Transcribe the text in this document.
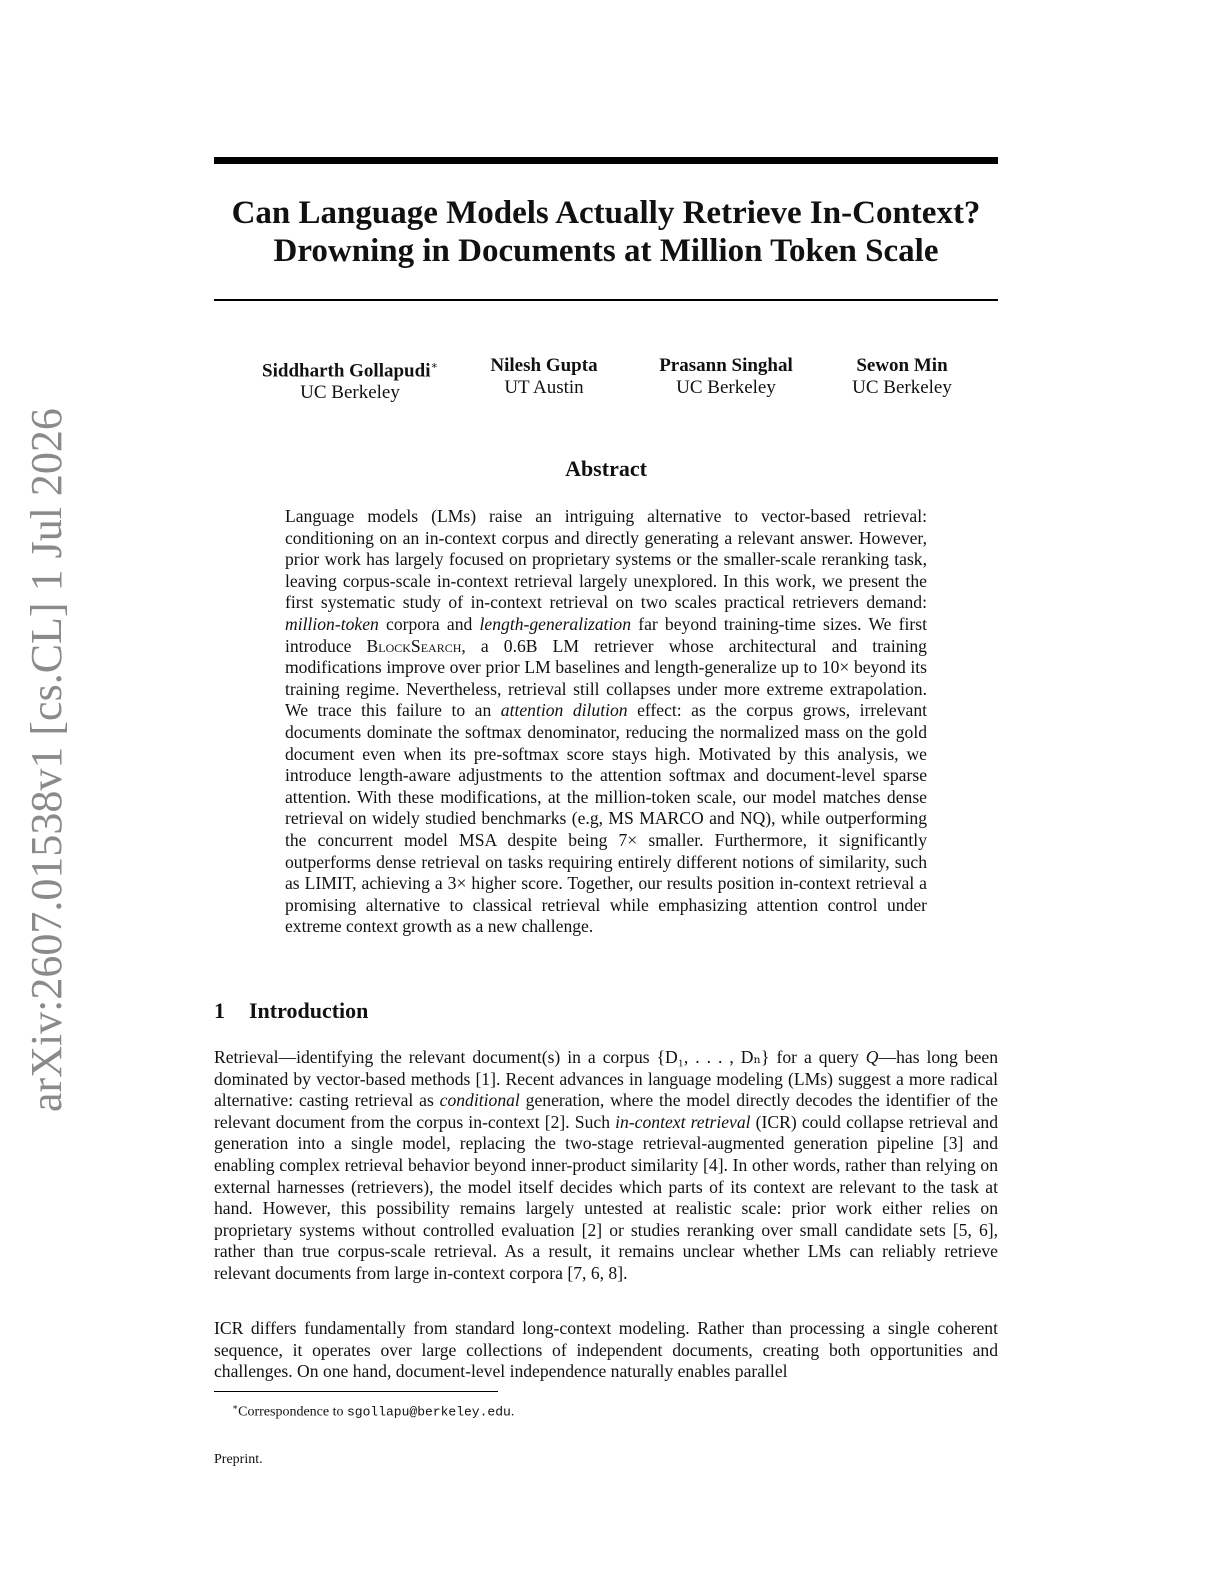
arXiv:2607.01538v1 [cs.CL] 1 Jul 2026
Can Language Models Actually Retrieve In-Context?
Drowning in Documents at Million Token Scale
Siddharth Gollapudi∗
UC Berkeley
Nilesh Gupta
UT Austin
Prasann Singhal
UC Berkeley
Sewon Min
UC Berkeley
Abstract

Language models (LMs) raise an intriguing alternative to vector-based retrieval: conditioning on an in-context corpus and directly generating a relevant answer. However, prior work has largely focused on proprietary systems or the smaller-scale reranking task, leaving corpus-scale in-context retrieval largely unexplored. In this work, we present the first systematic study of in-context retrieval on two scales practical retrievers demand: million-token corpora and length-generalization far beyond training-time sizes. We first introduce BlockSearch, a 0.6B LM retriever whose architectural and training modifications improve over prior LM baselines and length-generalize up to 10× beyond its training regime. Nevertheless, retrieval still collapses under more extreme extrapolation. We trace this failure to an attention dilution effect: as the corpus grows, irrelevant documents dominate the softmax denominator, reducing the normalized mass on the gold document even when its pre-softmax score stays high. Motivated by this analysis, we introduce length-aware adjustments to the attention softmax and document-level sparse attention. With these modifications, at the million-token scale, our model matches dense retrieval on widely studied benchmarks (e.g, MS MARCO and NQ), while outperforming the concurrent model MSA despite being 7× smaller. Furthermore, it significantly outperforms dense retrieval on tasks requiring entirely different notions of similarity, such as LIMIT, achieving a 3× higher score. Together, our results position in-context retrieval a promising alternative to classical retrieval while emphasizing attention control under extreme context growth as a new challenge.

1 Introduction

Retrieval—identifying the relevant document(s) in a corpus {D₁, . . . , Dₙ} for a query Q—has long been dominated by vector-based methods [1]. Recent advances in language modeling (LMs) suggest a more radical alternative: casting retrieval as conditional generation, where the model directly decodes the identifier of the relevant document from the corpus in-context [2]. Such in-context retrieval (ICR) could collapse retrieval and generation into a single model, replacing the two-stage retrieval-augmented generation pipeline [3] and enabling complex retrieval behavior beyond inner-product similarity [4]. In other words, rather than relying on external harnesses (retrievers), the model itself decides which parts of its context are relevant to the task at hand. However, this possibility remains largely untested at realistic scale: prior work either relies on proprietary systems without controlled evaluation [2] or studies reranking over small candidate sets [5, 6], rather than true corpus-scale retrieval. As a result, it remains unclear whether LMs can reliably retrieve relevant documents from large in-context corpora [7, 6, 8].

ICR differs fundamentally from standard long-context modeling. Rather than processing a single coherent sequence, it operates over large collections of independent documents, creating both opportunities and challenges. On one hand, document-level independence naturally enables parallel

∗Correspondence to sgollapu@berkeley.edu.

Preprint.
